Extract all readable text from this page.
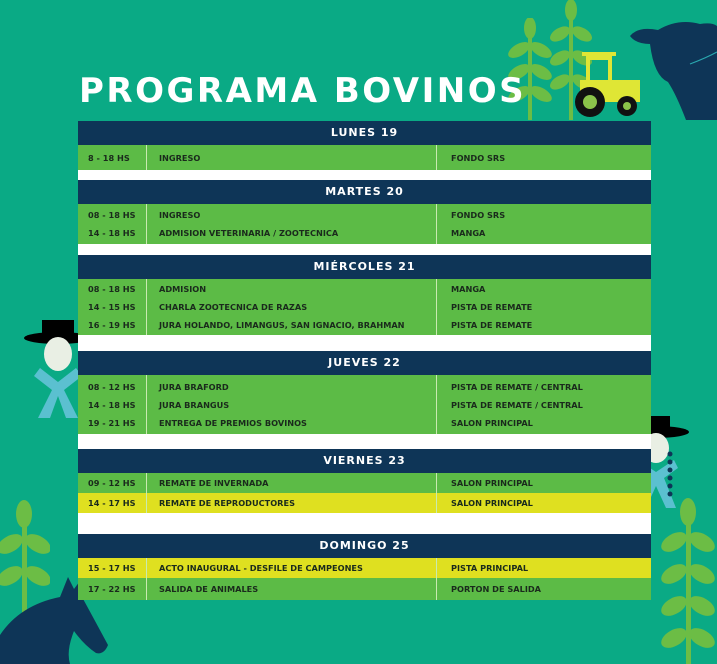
PROGRAMA BOVINOS
LUNES 19
8 - 18 HS	INGRESO	FONDO SRS
MARTES 20
08 - 18 HS	INGRESO	FONDO SRS
14 - 18 HS	ADMISION VETERINARIA / ZOOTECNICA	MANGA
MIÉRCOLES 21
08 - 18 HS	ADMISION	MANGA
14 - 15 HS	CHARLA ZOOTECNICA DE RAZAS	PISTA DE REMATE
16 - 19 HS	JURA HOLANDO, LIMANGUS, SAN IGNACIO, BRAHMAN	PISTA DE REMATE
JUEVES 22
08 - 12 HS	JURA BRAFORD	PISTA DE REMATE / CENTRAL
14 - 18 HS	JURA BRANGUS	PISTA DE REMATE / CENTRAL
19 - 21 HS	ENTREGA DE PREMIOS BOVINOS	SALON PRINCIPAL
VIERNES 23
09 - 12 HS	REMATE DE INVERNADA	SALON PRINCIPAL
14 - 17 HS	REMATE DE REPRODUCTORES	SALON PRINCIPAL
DOMINGO 25
15 - 17 HS	ACTO INAUGURAL - DESFILE DE CAMPEONES	PISTA PRINCIPAL
17 - 22 HS	SALIDA DE ANIMALES	PORTON DE SALIDA
